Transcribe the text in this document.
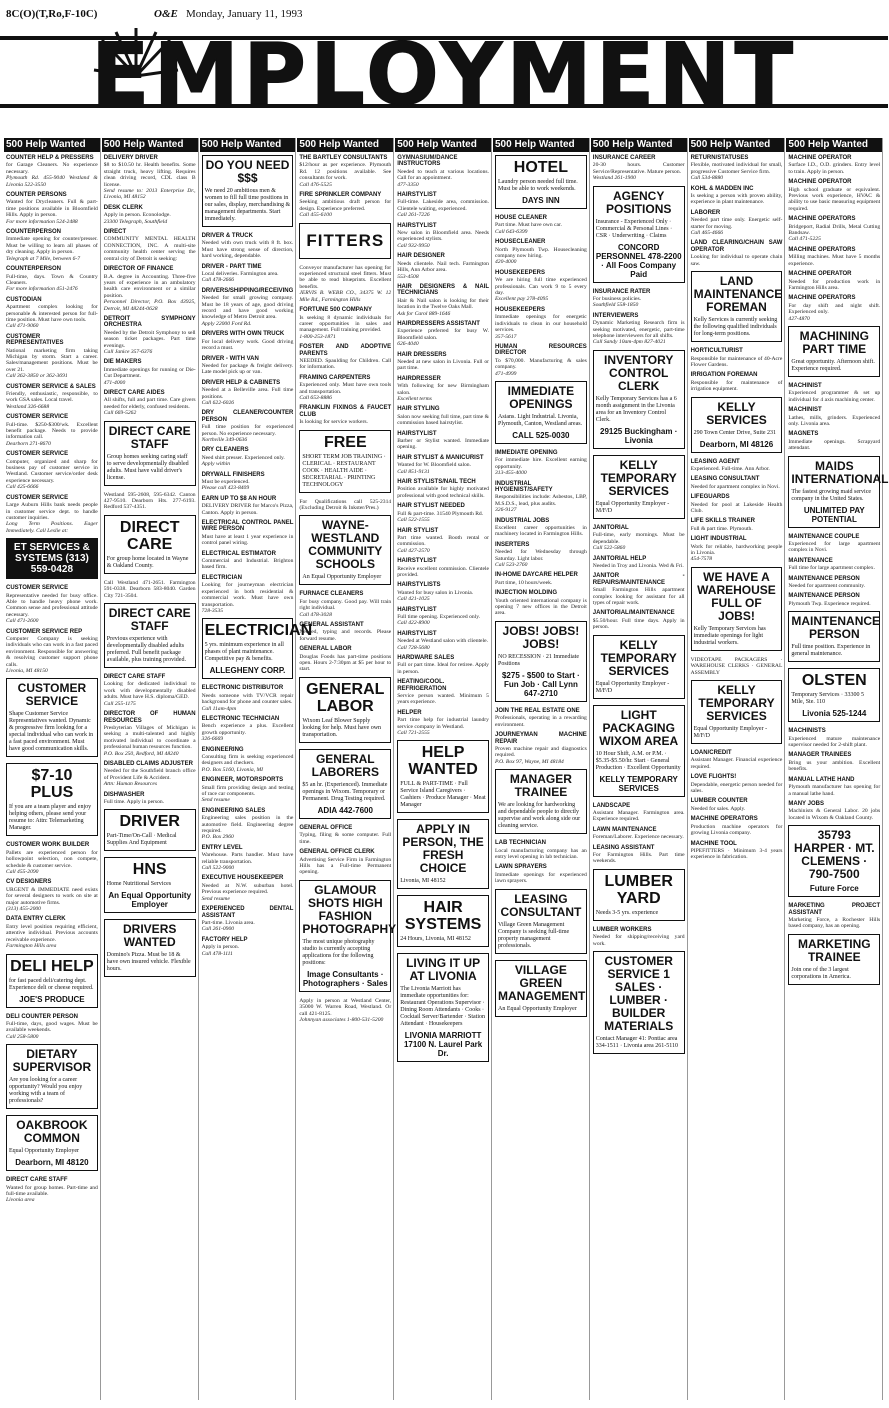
8C(O)(T,Ro,F-10C)	O&E Monday, January 11, 1993
EMPLOYMENT
500 Help Wanted
COUNTER HELP & PRESSERS
for Garage Cleaners. No experience necessary.
Plymouth Rd. 455-9040 Westland & Livonia 522-3550
COUNTER PERSONS
Wanted for Drycleaners. Full & part-time positions available in Bloomfield Hills. Apply in person.
For more information 524-2488
COUNTERPERSON
Immediate opening for counter/presser. Must be willing to learn all phases of dry cleaning. Apply in person.
Telegraph at 7 Mile, between 6-7
COUNTERPERSON
Full-time, days. Town & Country Cleaners.
For more information 451-2476
CUSTODIAN
Apartment complex looking for personable & interested person for full-time position. Must have own tools.
Call 471-9060
CUSTOMER REPRESENTATIVES
National marketing firm taking Michigan by storm. Start a career. Sales/management positions. Must be over 21.
Call 362-3850 or 362-3691
CUSTOMER SERVICE & SALES
Friendly, enthusiastic, responsible, to work GSA sales. Local travel.
Westland 326-6688
CUSTOMER SERVICE
Full-time. $250-$300/wk. Excellent benefit package. Needs to provide information call.
Dearborn 271-8670
CUSTOMER SERVICE
Computer, organized and sharp for business pay of customer service in Westland. Customer service/order desk experience necessary.
Call 425-6666
CUSTOMER SERVICE
Large Auburn Hills bank needs people in customer service dept. to handle customer inquiries.
Long Term Positions. Eager Immediately. Call Leslie at:
ET SERVICES & SYSTEMS (313) 559-0428
CUSTOMER SERVICE
Representative needed for busy office. Able to handle heavy phone work. Common sense and professional attitude necessary.
Call 471-2600
CUSTOMER SERVICE REP
Computer Company is seeking individuals who can work in a fast paced environment. Responsible for answering & resolving customer support phone calls.
Livonia, MI 48150
CUSTOMER SERVICE
Shape Customer Service Representatives wanted. Dynamic & progressive firm looking for a special individual who can work in a fast paced environment. Must have good communication skills.
$7-10 PLUS
If you are a team player and enjoy helping others, please send your resume to: Attn: Telemarketing Manager.
CUSTOMER WORK BUILDER
Pallets are experienced person for hollowpoint selection, non compete, schedule & customer service.
Call 455-2090
CV DESIGNERS
URGENT & IMMEDIATE need exists for several designers to work on site at major automotive firms.
(313) 455-2000
DATA ENTRY CLERK
Entry level position requiring efficient, attentive individual. Previous accounts receivable experience.
Farmington Hills area
DELI HELP
for fast paced deli/catering dept. Experience deli or cheese required.
JOE'S PRODUCE
DELI COUNTER PERSON
Full-time, days, good wages. Must be available weekends.
Call 258-5800
DIETARY SUPERVISOR
Are you looking for a career opportunity? Would you enjoy working with a team of professionals?
OAKBROOK COMMON
Equal Opportunity Employer
Dearborn, MI 48120
DIRECT CARE STAFF
Wanted for group homes. Part-time and full-time available.
Livonia area
500 Help Wanted
DELIVERY DRIVER
$8 to $10.50 hr. Health benefits. Some straight truck, heavy lifting. Requires clean driving record, CDL class B license.
Send resume to: 2013 Enterprise Dr., Livonia, MI 48152
DESK CLERK
Apply in person. Econolodge.
23300 Telegraph, Southfield
DIRECT
COMMUNITY MENTAL HEALTH CONNECTION, INC. A multi-site community health center serving the central city of Detroit is seeking:
DIRECTOR OF FINANCE
B.A. degree in Accounting. Three-five years of experience in an ambulatory health care environment or a similar position.
Personnel Director, P.O. Box 43925, Detroit, MI 48244-0628
DETROIT SYMPHONY ORCHESTRA
Needed by the Detroit Symphony to sell season ticket packages. Part time evenings.
Call Janice 357-6376
DIE MAKERS
Immediate openings for running or Die-Cut Department.
471-4000
DIRECT CARE AIDES
All shifts, full and part time. Care givers needed for elderly, confused residents.
Call 669-5262
DIRECT CARE STAFF
Group homes seeking caring staff to serve developmentally disabled adults. Must have valid driver's license.
Westland 595-2608, 595-6342. Canton 427-9510. Dearborn Hts. 277-6193. Redford 537-4351.
DIRECT CARE
For group home located in Wayne & Oakland County.
Call Westland 471-2651. Farmington 591-0338. Dearborn 583-8040. Garden City 721-3504.
DIRECT CARE STAFF
Previous experience with developmentally disabled adults preferred. Full benefit package available, plus training provided.
DIRECT CARE STAFF
Looking for dedicated individual to work with developmentally disabled adults. Must have H.S. diploma/GED.
Call 255-1175
DIRECTOR OF HUMAN RESOURCES
Presbyterian Villages of Michigan is seeking a multi-talented and highly motivated individual to coordinate a professional human resources function.
P.O. Box 250, Redford, MI 48240
DISABLED CLAIMS ADJUSTER
Needed for the Southfield branch office of Provident Life & Accident.
Attn: Human Resources
DISHWASHER
Full time. Apply in person.
DRIVER
Part-Time/On-Call · Medical Supplies And Equipment
HNS
Home Nutritional Services
An Equal Opportunity Employer
DRIVERS WANTED
Domino's Pizza. Must be 18 & have own insured vehicle. Flexible hours.
500 Help Wanted
DO YOU NEED $$$
We need 20 ambitious men & women to fill full time positions in our sales, display, merchandising & management departments. Start immediately.
DRIVER & TRUCK
Needed with own truck with 8 ft. box. Must have strong sense of direction, hard working, dependable.
DRIVER - PART TIME
Local deliveries. Farmington area.
Call 478-2666
DRIVERS/SHIPPING/RECEIVING
Needed for small growing company. Must be 18 years of age, good driving record and have good working knowledge of Metro Detroit area.
Apply 22000 Ford Rd.
DRIVERS WITH OWN TRUCK
For local delivery work. Good driving record a must.
DRIVER - WITH VAN
Needed for package & freight delivery. Late model pick up or van.
DRIVER HELP & CABINETS
Needed at a Belleville area. Full time positions.
Call 622-6026
DRY CLEANER/COUNTER PERSON
Full time position for experienced person. No experience necessary.
Northville 349-0636
DRY CLEANERS
Need shirt presser. Experienced only.
Apply within
DRYWALL FINISHERS
Must be experienced.
Please call 423-8409
EARN UP TO $8 AN HOUR
DELIVERY DRIVER for Marco's Pizza, Canton. Apply in person.
ELECTRICAL CONTROL PANEL WIRE PERSON
Must have at least 1 year experience in control panel wiring.
ELECTRICAL ESTIMATOR
Commercial and Industrial. Brighton based firm.
ELECTRICIAN
Looking for journeyman electrician experienced in both residential & commercial work. Must have own transportation.
728-3535
ELECTRICIAN
5 yrs. minimum experience in all phases of plant maintenance. Competitive pay & benefits.
ALLEGHENY CORP.
ELECTRONIC DISTRIBUTOR
Needs someone with TV/VCR repair background for phone and counter sales.
Call 11am-4pm
ELECTRONIC TECHNICIAN
Bench experience a plus. Excellent growth opportunity.
326-6669
ENGINEERING
Consulting firm is seeking experienced designers and checkers.
P.O. Box 5160, Livonia, MI
ENGINEER, MOTORSPORTS
Small firm providing design and testing of race car components.
Send resume
ENGINEERING SALES
Engineering sales position in the automotive field. Engineering degree required.
P.O. Box 2960
ENTRY LEVEL
Warehouse. Parts handler. Must have reliable transportation.
Call 522-9000
EXECUTIVE HOUSEKEEPER
Needed at N.W. suburban hotel. Previous experience required.
Send resume
EXPERIENCED DENTAL ASSISTANT
Part-time. Livonia area.
Call 261-0900
FACTORY HELP
Apply in person.
Call 478-1111
500 Help Wanted
THE BARTLEY CONSULTANTS
$12/hour as per experience. Plymouth Rd. 12 positions available. See consultants for work.
Call 476-5525
FIRE SPRINKLER COMPANY
Seeking ambitious draft person for design. Experience preferred.
Call 455-6100
FITTERS
Conveyor manufacturer has opening for experienced structural steel fitters. Must be able to read blueprints. Excellent benefits.
JERVIS B. WEBB CO., 34375 W. 12 Mile Rd., Farmington Hills
FORTUNE 500 COMPANY
Is seeking 8 dynamic individuals for career opportunities in sales and management. Full training provided.
1-800-253-1871
FOSTER AND ADOPTIVE PARENTS
NEEDED. Spaulding for Children. Call for information.
FRAMING CARPENTERS
Experienced only. Must have own tools and transportation.
Call 653-8886
FRANKLIN FIXINGS & FAUCET CLUB
Is looking for service workers.
FREE
SHORT TERM JOB TRAINING · CLERICAL · RESTAURANT COOK · HEALTH AIDE · SECRETARIAL · PRINTING TECHNOLOGY
For Qualifications call 525-2314 (Excluding Detroit & Inkster/Pres.)
WAYNE-WESTLAND COMMUNITY SCHOOLS
An Equal Opportunity Employer
FURNACE CLEANERS
For busy company. Good pay. Will train right individual.
Call 478-3028
GENERAL ASSISTANT
Needed, typing and records. Please forward resume.
GENERAL LABOR
Douglas Foods has part-time positions open. Hours 2-7:30pm at $5 per hour to start.
GENERAL LABOR
Wixom Leaf Blower Supply looking for help. Must have own transportation.
GENERAL LABORERS
$5 an hr. (Experienced). Immediate openings in Wixom. Temporary or Permanent. Drug Testing required.
ADIA 442-7600
GENERAL OFFICE
Typing, filing & some computer. Full time.
GENERAL OFFICE CLERK
Advertising Service Firm in Farmington Hills has a Full-time Permanent opening.
GLAMOUR SHOTS HIGH FASHION PHOTOGRAPHY
The most unique photography studio is currently accepting applications for the following positions:
Image Consultants · Photographers · Sales
Apply in person at Westland Center, 35000 W. Warren Road, Westland. Or call 421-8125.
Johnnyan associates 1-800-531-5200
500 Help Wanted
GYMNASIUM/DANCE INSTRUCTORS
Needed to teach at various locations. Call for an appointment.
477-3350
HAIRSTYLIST
Full-time. Lakeside area, commission. Clientele waiting, experienced.
Call 261-7226
HAIRSTYLIST
New salon in Bloomfield area. Needs experienced stylists.
Call 932-9950
HAIR DESIGNER
Needs clientele. Nail tech. Farmington Hills, Ann Arbor area.
553-4508
HAIR DESIGNERS & NAIL TECHNICIANS
Hair & Nail salon is looking for their location in the Twelve Oaks Mall.
Ask for Carol 889-1646
HAIRDRESSERS ASSISTANT
Experience preferred for busy W. Bloomfield salon.
626-4040
HAIR DRESSERS
Needed at new salon in Livonia. Full or part time.
HAIRDRESSER
With following for new Birmingham salon.
Excellent terms
HAIR STYLING
Salon now seeking full time, part time & commission based hairstylist.
HAIRSTYLIST
Barber or Stylist wanted. Immediate opening.
HAIR STYLIST & MANICURIST
Wanted for W. Bloomfield salon.
Call 851-9131
HAIR STYLISTS/NAIL TECH
Position available for highly motivated professional with good technical skills.
HAIR STYLIST NEEDED
Full & part-time. 31540 Plymouth Rd.
Call 522-1555
HAIR STYLIST
Part time wanted. Booth rental or commission.
Call 427-2570
HAIRSTYLIST
Receive excellent commission. Clientele provided.
HAIRSTYLISTS
Wanted for busy salon in Livonia.
Call 421-1025
HAIRSTYLIST
Full time opening. Experienced only.
Call 422-8900
HAIRSTYLIST
Needed at Westland salon with clientele.
Call 728-5680
HARDWARE SALES
Full or part time. Ideal for retiree. Apply in person.
HEATING/COOL. REFRIGERATION
Service person wanted. Minimum 5 years experience.
HELPER
Part time help for industrial laundry service company in Westland.
Call 721-2555
HELP WANTED
FULL & PART-TIME · Full Service Island Caregivers · Cashiers · Produce Manager · Meat Manager
APPLY IN PERSON, THE FRESH CHOICE
Livonia, MI 48152
HAIR SYSTEMS
24 Hours, Livonia, MI 48152
LIVING IT UP AT LIVONIA
The Livonia Marriott has immediate opportunities for: Restaurant Operations Supervisor · Dining Room Attendants · Cooks · Cocktail Server/Bartender · Station Attendant · Housekeepers
LIVONIA MARRIOTT 17100 N. Laurel Park Dr.
500 Help Wanted
HOTEL
Laundry person needed full time. Must be able to work weekends.
DAYS INN
HOUSE CLEANER
Part time. Must have own car.
Call 643-6399
HOUSECLEANER
North Plymouth Twp. Housecleaning company now hiring.
420-4000
HOUSEKEEPERS
We are hiring full time experienced professionals. Can work 9 to 5 every day.
Excellent pay 278-4095
HOUSEKEEPERS
Immediate openings for energetic individuals to clean in our household services.
357-5617
HUMAN RESOURCES DIRECTOR
To $70,000. Manufacturing & sales company.
471-4999
IMMEDIATE OPENINGS
Asians. Light Industrial. Livonia, Plymouth, Canton, Westland areas.
CALL 525-0030
IMMEDIATE OPENING
For immediate hire. Excellent earning opportunity.
313-455-4000
INDUSTRIAL HYGIENIST/SAFETY
Responsibilities include: Asbestos, LBP, M.S.D.S., lead, plus audits.
326-9127
INDUSTRIAL JOBS
Excellent career opportunities in machinery located in Farmington Hills.
INSERTERS
Needed for Wednesday through Saturday. Light labor.
Call 523-2760
IN-HOME DAYCARE HELPER
Part time, 10 hours/week.
INJECTION MOLDING
Youth oriented international company is opening 7 new offices in the Detroit area.
JOBS! JOBS! JOBS!
NO RECESSION · 21 Immediate Positions
$275 - $500 to Start · Fun Job · Call Lynn 647-2710
JOIN THE REAL ESTATE ONE
Professionals, operating in a rewarding environment.
JOURNEYMAN MACHINE REPAIR
Proven machine repair and diagnostics required.
P.O. Box 97, Wayne, MI 48184
MANAGER TRAINEE
We are looking for hardworking and dependable people to directly supervise and work along side our cleaning service.
LAB TECHNICIAN
Local manufacturing company has an entry level opening in lab technician.
LAWN SPRAYERS
Immediate openings for experienced lawn sprayers.
LEASING CONSULTANT
Village Green Management Company is seeking full-time property management professionals.
VILLAGE GREEN MANAGEMENT
An Equal Opportunity Employer
500 Help Wanted
INSURANCE CAREER
20-30 hours. Customer Service/Representative. Mature person.
Westland 261-1900
AGENCY POSITIONS
Insurance - Experienced Only · Commercial & Personal Lines · CSR · Underwriting · Claims
CONCORD PERSONNEL 478-2200 · All Foos Company Paid
INSURANCE RATER
For business policies.
Southfield 558-1850
INTERVIEWERS
Dynamic Marketing Research firm is seeking motivated, energetic, part-time telephone interviewers for all shifts.
Call Sandy 10am-4pm 827-4021
INVENTORY CONTROL CLERK
Kelly Temporary Services has a 6 month assignment in the Livonia area for an Inventory Control Clerk.
29125 Buckingham · Livonia
KELLY TEMPORARY SERVICES
Equal Opportunity Employer - M/F/D
JANITORIAL
Full-time, early mornings. Must be dependable.
Call 522-5860
JANITORIAL HELP
Needed in Troy and Livonia. Wed & Fri.
JANITOR - REPAIRS/MAINTENANCE
Small Farmington Hills apartment complex looking for assistant for all types of repair work.
JANITORIAL/MAINTENANCE
$5.50/hour. Full time days. Apply in person.
KELLY TEMPORARY SERVICES
Equal Opportunity Employer - M/F/D
LIGHT PACKAGING WIXOM AREA
10 Hour Shift, A.M. or P.M. · $5.35-$5.50/hr. Start · General Production · Excellent Opportunity
KELLY TEMPORARY SERVICES
LANDSCAPE
Assistant Manager. Farmington area. Experience required.
LAWN MAINTENANCE
Foreman/Laborer. Experience necessary.
LEASING ASSISTANT
For Farmington Hills. Part time weekends.
LUMBER YARD
Needs 3-5 yrs. experience
LUMBER WORKERS
Needed for shipping/receiving yard work.
CUSTOMER SERVICE 1 SALES · LUMBER · BUILDER MATERIALS
Contact Manager 41: Pontiac area 334-1511 · Livonia area 261-5110
500 Help Wanted
RETURN/STATUSES
Flexible, motivated individual for small, progressive Customer Service firm.
Call 534-8880
KOHL & MADDEN INC
Is seeking a person with proven ability, experience in plant maintenance.
LABORER
Needed part time only. Energetic self-starter for moving.
Call 465-4666
LAND CLEARING/CHAIN SAW OPERATOR
Looking for individual to operate chain saw.
LAND MAINTENANCE FOREMAN
Kelly Services is currently seeking the following qualified individuals for long-term positions.
HORTICULTURIST
Responsible for maintenance of 40-Acre Flower Gardens.
IRRIGATION FOREMAN
Responsible for maintenance of irrigation equipment.
KELLY SERVICES
290 Town Center Drive, Suite 231
Dearborn, MI 48126
LEASING AGENT
Experienced. Full-time. Ann Arbor.
LEASING CONSULTANT
Needed for apartment complex in Novi.
LIFEGUARDS
Needed for pool at Lakeside Health Club.
LIFE SKILLS TRAINER
Full & part time. Plymouth.
LIGHT INDUSTRIAL
Work for reliable, hardworking people in Livonia.
454-7578
WE HAVE A WAREHOUSE FULL OF JOBS!
Kelly Temporary Services has immediate openings for light industrial workers.
VIDEOTAPE PACKAGERS · WAREHOUSE CLERKS · GENERAL ASSEMBLY
KELLY TEMPORARY SERVICES
Equal Opportunity Employer - M/F/D
LOAN/CREDIT
Assistant Manager. Financial experience required.
LOVE FLIGHTS!
Dependable, energetic person needed for sales.
LUMBER COUNTER
Needed for sales. Apply.
MACHINE OPERATORS
Production machine operators for growing Livonia company.
MACHINE TOOL
PIPEFITTERS · Minimum 3-4 years experience in fabrication.
500 Help Wanted
MACHINE OPERATOR
Surface I.D., O.D. grinders. Entry level to train. Apply in person.
MACHINE OPERATOR
High school graduate or equivalent. Previous work experience, HVAC & ability to use basic measuring equipment required.
MACHINE OPERATORS
Bridgeport, Radial Drills, Metal Cutting Bandsaw.
Call 471-5225
MACHINE OPERATORS
Milling machines. Must have 5 months experience.
MACHINE OPERATOR
Needed for production work in Farmington Hills area.
MACHINE OPERATORS
For day shift and night shift. Experienced only.
427-4870
MACHINING PART TIME
Great opportunity. Afternoon shift. Experience required.
MACHINIST
Experienced programmer & set up individual for 4 axis machining center.
MACHINIST
Lathes, mills, grinders. Experienced only. Livonia area.
MAGNETS
Immediate openings. Scrapyard attendant.
MAIDS INTERNATIONAL
The fastest growing maid service company in the United States.
UNLIMITED PAY POTENTIAL
MAINTENANCE COUPLE
Experienced for large apartment complex in Novi.
MAINTENANCE
Full time for large apartment complex.
MAINTENANCE PERSON
Needed for apartment community.
MAINTENANCE PERSON
Plymouth Twp. Experience required.
MAINTENANCE PERSON
Full time position. Experience in general maintenance.
OLSTEN
Temporary Services · 33300 5 Mile, Ste. 110
Livonia 525-1244
MACHINISTS
Experienced mature maintenance supervisor needed for 2-shift plant.
MANAGER TRAINEES
Bring us your ambition. Excellent benefits.
MANUAL LATHE HAND
Plymouth manufacturer has opening for a manual lathe hand.
MANY JOBS
Machinists & General Labor. 20 jobs located in Wixom & Oakland County.
35793 HARPER · MT. CLEMENS · 790-7500
Future Force
MARKETING PROJECT ASSISTANT
Marketing Force, a Rochester Hills based company, has an opening.
MARKETING TRAINEE
Join one of the 3 largest corporations in America.
